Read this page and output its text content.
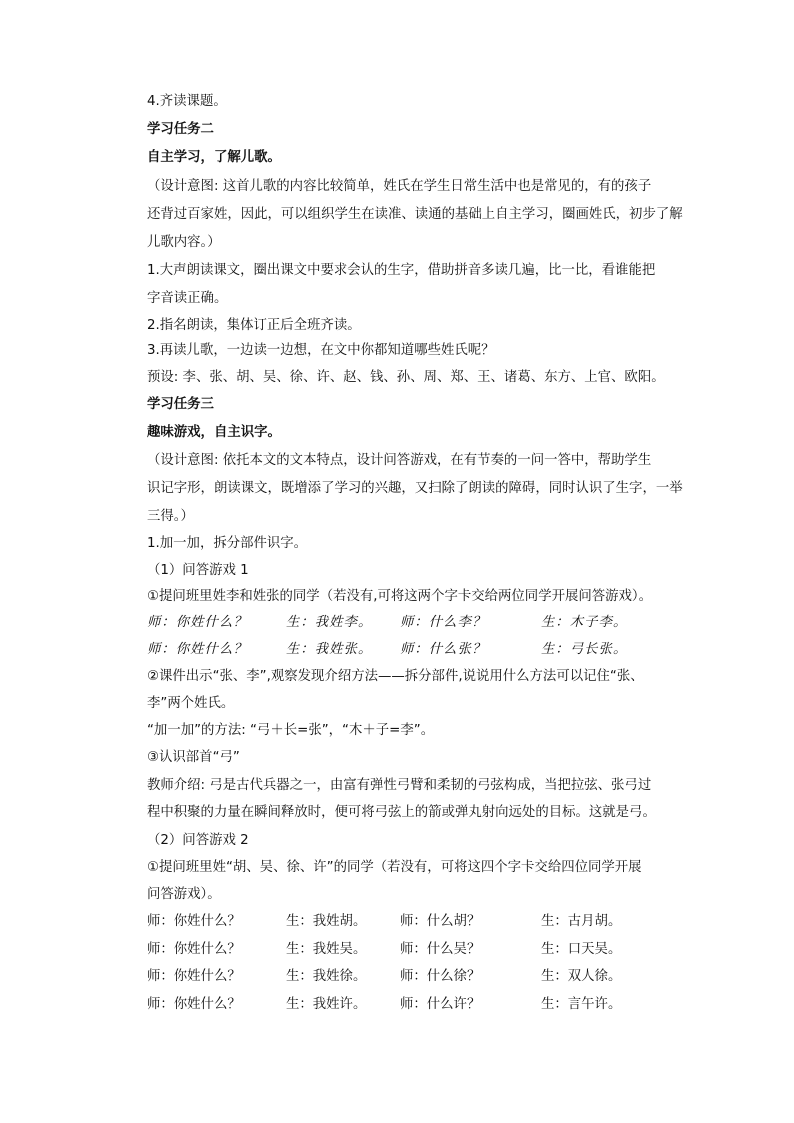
4.齐读课题。
学习任务二
自主学习，了解儿歌。
（设计意图: 这首儿歌的内容比较简单，姓氏在学生日常生活中也是常见的，有的孩子
还背过百家姓，因此，可以组织学生在读准、读通的基础上自主学习，圈画姓氏，初步了解
儿歌内容。）
1.大声朗读课文，圈出课文中要求会认的生字，借助拼音多读几遍，比一比，看谁能把
字音读正确。
2.指名朗读，集体订正后全班齐读。
3.再读儿歌，一边读一边想，在文中你都知道哪些姓氏呢？
预设: 李、张、胡、吴、徐、许、赵、钱、孙、周、郑、王、诸葛、东方、上官、欧阳。
学习任务三
趣味游戏，自主识字。
（设计意图: 依托本文的文本特点，设计问答游戏，在有节奏的一问一答中，帮助学生
识记字形，朗读课文，既增添了学习的兴趣，又扫除了朗读的障碍，同时认识了生字，一举
三得。）
1.加一加，拆分部件识字。
（1）问答游戏 1
①提问班里姓李和姓张的同学（若没有,可将这两个字卡交给两位同学开展问答游戏）。
师：你姓什么？	生：我姓李。 师：什么李？	生：木子李。
师：你姓什么？	生：我姓张。 师：什么张？	生：弓长张。
②课件出示“张、李”,观察发现介绍方法——拆分部件,说说用什么方法可以记住“张、
李”两个姓氏。
“加一加”的方法: “弓＋长=张”，“木＋子=李”。
③认识部首“弓”
教师介绍: 弓是古代兵器之一，由富有弹性弓臂和柔韧的弓弦构成，当把拉弦、张弓过
程中积聚的力量在瞬间释放时，便可将弓弦上的箭或弹丸射向远处的目标。这就是弓。
（2）问答游戏 2
①提问班里姓“胡、吴、徐、许”的同学（若没有，可将这四个字卡交给四位同学开展
问答游戏）。
师：你姓什么？	生：我姓胡。	师：什么胡？	生：古月胡。
师：你姓什么？	生：我姓吴。	师：什么吴？	生：口天吴。
师：你姓什么？	生：我姓徐。	师：什么徐？	生：双人徐。
师：你姓什么？	生：我姓许。	师：什么许？	生：言午许。
